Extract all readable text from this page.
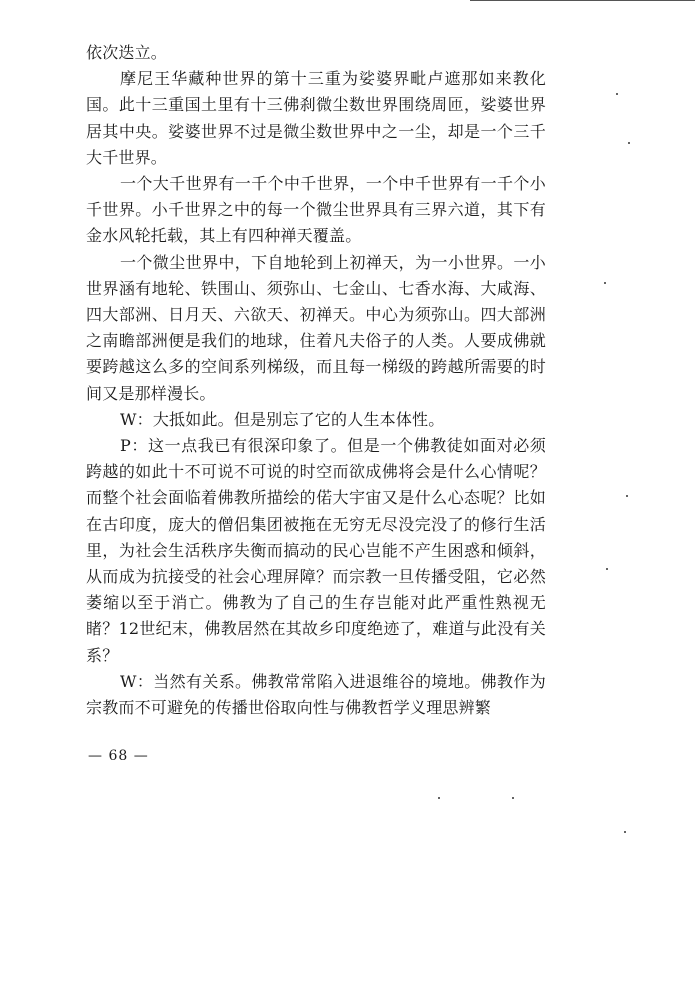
依次迭立。

摩尼王华藏种世界的第十三重为娑婆界毗卢遮那如来教化国。此十三重国土里有十三佛刹微尘数世界围绕周匝，娑婆世界居其中央。娑婆世界不过是微尘数世界中之一尘，却是一个三千大千世界。

一个大千世界有一千个中千世界，一个中千世界有一千个小千世界。小千世界之中的每一个微尘世界具有三界六道，其下有金水风轮托载，其上有四种禅天覆盖。

一个微尘世界中，下自地轮到上初禅天，为一小世界。一小世界涵有地轮、铁围山、须弥山、七金山、七香水海、大咸海、四大部洲、日月天、六欲天、初禅天。中心为须弥山。四大部洲之南瞻部洲便是我们的地球，住着凡夫俗子的人类。人要成佛就要跨越这么多的空间系列梯级，而且每一梯级的跨越所需要的时间又是那样漫长。

W：大抵如此。但是别忘了它的人生本体性。

P：这一点我已有很深印象了。但是一个佛教徒如面对必须跨越的如此十不可说不可说的时空而欲成佛将会是什么心情呢？而整个社会面临着佛教所描绘的偌大宇宙又是什么心态呢？比如在古印度，庞大的僧侣集团被拖在无穷无尽没完没了的修行生活里，为社会生活秩序失衡而搞动的民心岂能不产生困惑和倾斜，从而成为抗接受的社会心理屏障？而宗教一旦传播受阻，它必然萎缩以至于消亡。佛教为了自己的生存岂能对此严重性熟视无睹？12世纪末，佛教居然在其故乡印度绝迹了，难道与此没有关系？

W：当然有关系。佛教常常陷入进退维谷的境地。佛教作为宗教而不可避免的传播世俗取向性与佛教哲学义理思辨繁

— 68 —
